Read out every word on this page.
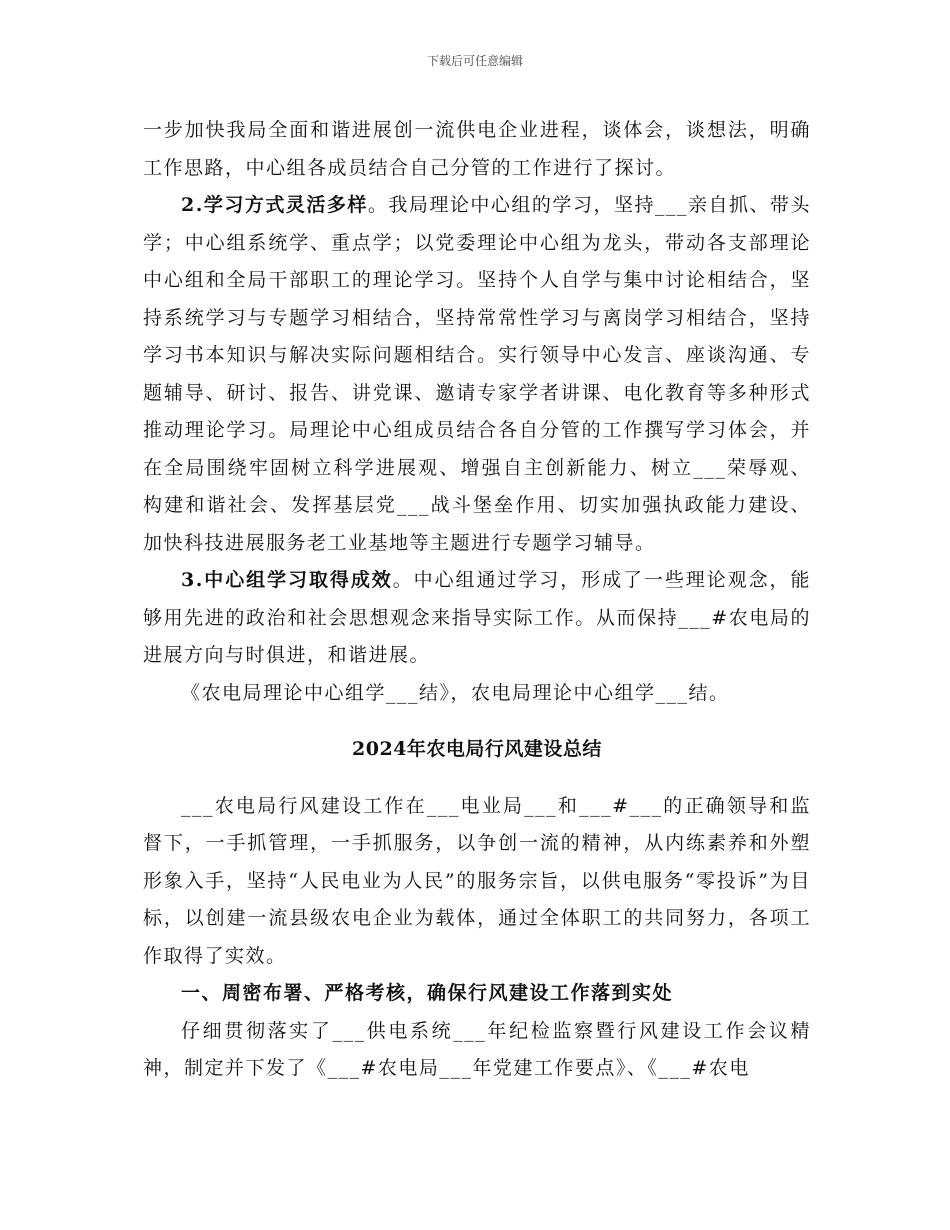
下载后可任意编辑

一步加快我局全面和谐进展创一流供电企业进程，谈体会，谈想法，明确工作思路，中心组各成员结合自己分管的工作进行了探讨。

2.学习方式灵活多样。我局理论中心组的学习，坚持___亲自抓、带头学；中心组系统学、重点学；以党委理论中心组为龙头，带动各支部理论中心组和全局干部职工的理论学习。坚持个人自学与集中讨论相结合，坚持系统学习与专题学习相结合，坚持常常性学习与离岗学习相结合，坚持学习书本知识与解决实际问题相结合。实行领导中心发言、座谈沟通、专题辅导、研讨、报告、讲党课、邀请专家学者讲课、电化教育等多种形式推动理论学习。局理论中心组成员结合各自分管的工作撰写学习体会，并在全局围绕牢固树立科学进展观、增强自主创新能力、树立___荣辱观、构建和谐社会、发挥基层党___战斗堡垒作用、切实加强执政能力建设、加快科技进展服务老工业基地等主题进行专题学习辅导。

3.中心组学习取得成效。中心组通过学习，形成了一些理论观念，能够用先进的政治和社会思想观念来指导实际工作。从而保持___#农电局的进展方向与时俱进，和谐进展。

《农电局理论中心组学___结》，农电局理论中心组学___结。

2024年农电局行风建设总结

___农电局行风建设工作在___电业局___和___#___的正确领导和监督下，一手抓管理，一手抓服务，以争创一流的精神，从内练素养和外塑形象入手，坚持“人民电业为人民”的服务宗旨，以供电服务“零投诉”为目标，以创建一流县级农电企业为载体，通过全体职工的共同努力，各项工作取得了实效。

一、周密布署、严格考核，确保行风建设工作落到实处

仔细贯彻落实了___供电系统___年纪检监察暨行风建设工作会议精神，制定并下发了《___#农电局___年党建工作要点》、《___#农电
